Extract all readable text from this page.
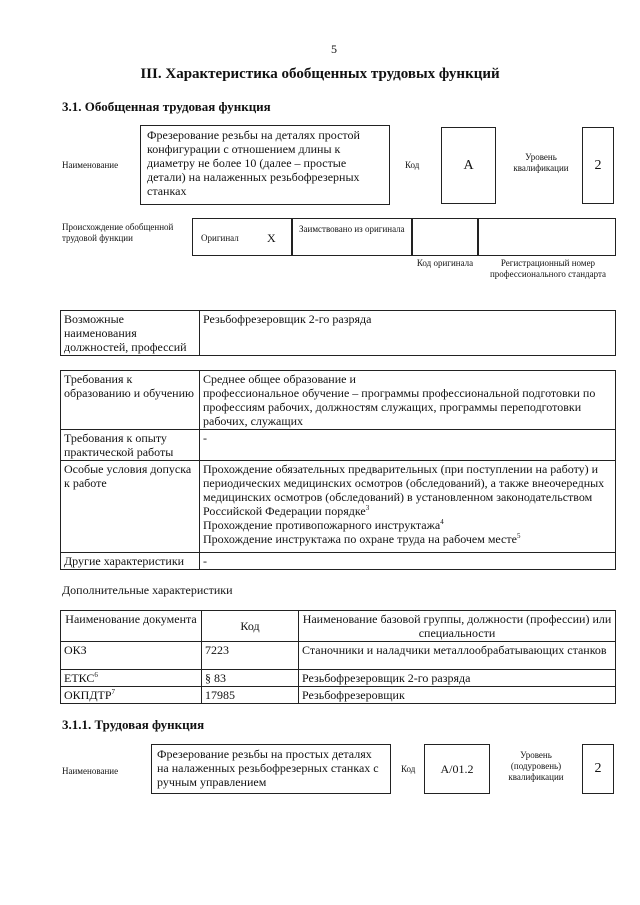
5
III. Характеристика обобщенных трудовых функций
3.1. Обобщенная трудовая функция
Наименование
Фрезерование резьбы на деталях простой конфигурации с отношением длины к диаметру не более 10 (далее – простые детали) на налаженных резьбофрезерных станках
Код	А
Уровень квалификации	2
Происхождение обобщенной трудовой функции	Оригинал X
Заимствовано из оригинала
Код оригинала	Регистрационный номер профессионального стандарта
Возможные наименования должностей, профессий	Резьбофрезеровщик 2-го разряда
Требования к образованию и обучению	Среднее общее образование и
профессиональное обучение – программы профессиональной подготовки по профессиям рабочих, должностям служащих, программы переподготовки рабочих, служащих

Требования к опыту практической работы	-
Особые условия допуска к работе	Прохождение обязательных предварительных (при поступлении на работу) и периодических медицинских осмотров (обследований), а также внеочередных медицинских осмотров (обследований) в установленном законодательством Российской Федерации порядке$^3$
Прохождение противопожарного инструктажа$^4$
Прохождение инструктажа по охране труда на рабочем месте$^5$

Другие характеристики	-
Дополнительные характеристики
Наименование документа	Код	Наименование базовой группы, должности (профессии) или специальности
ОКЗ	7223	Станочники и наладчики металлообрабатывающих станков
ЕТКС$^6$	§ 83	Резьбофрезеровщик 2-го разряда
ОКПДТР$^7$	17985	Резьбофрезеровщик
3.1.1. Трудовая функция
Наименование
Фрезерование резьбы на простых деталях на налаженных резьбофрезерных станках с ручным управлением
Код	А/01.2
Уровень (подуровень) квалификации
2
